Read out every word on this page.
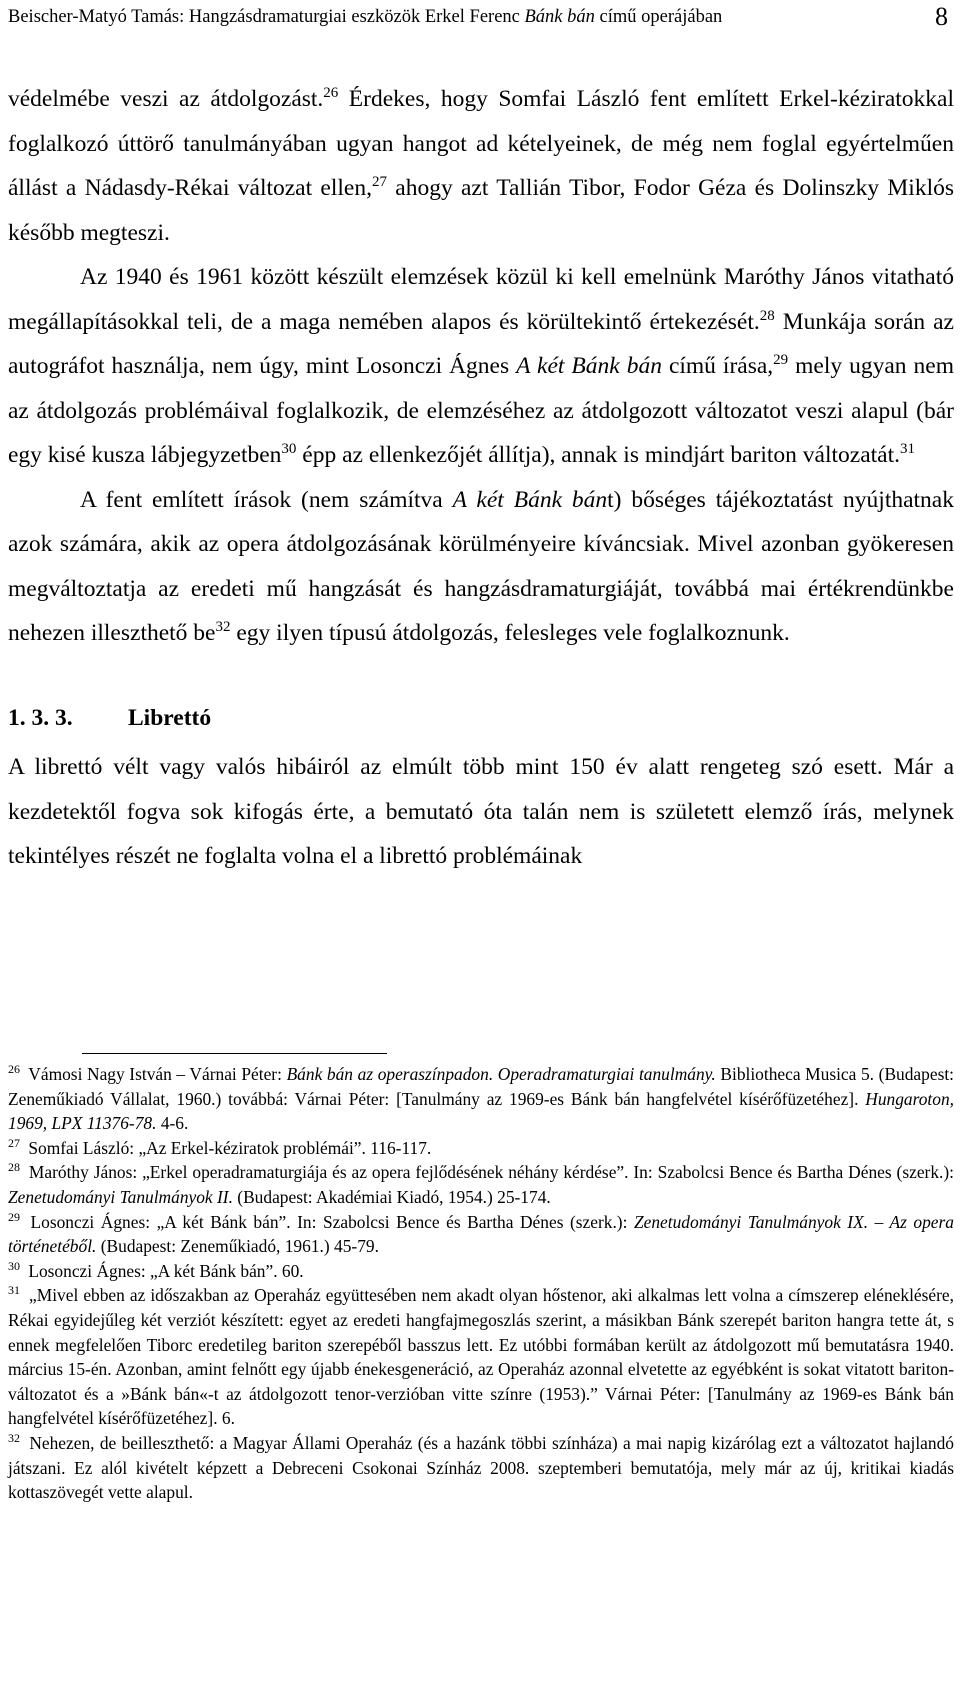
Beischer-Matyó Tamás: Hangzásdramaturgiai eszközök Erkel Ferenc Bánk bán című operájában	8

védelmébe veszi az átdolgozást.$^{26}$ Érdekes, hogy Somfai László fent említett Erkel-kéziratokkal foglalkozó úttörő tanulmányában ugyan hangot ad kételyeinek, de még nem foglal egyértelműen állást a Nádasdy-Rékai változat ellen,$^{27}$ ahogy azt Tallián Tibor, Fodor Géza és Dolinszky Miklós később megteszi.

Az 1940 és 1961 között készült elemzések közül ki kell emelnünk Maróthy János vitatható megállapításokkal teli, de a maga nemében alapos és körültekintő értekezését.$^{28}$ Munkája során az autográfot használja, nem úgy, mint Losonczi Ágnes A két Bánk bán című írása,$^{29}$ mely ugyan nem az átdolgozás problémáival foglalkozik, de elemzéséhez az átdolgozott változatot veszi alapul (bár egy kisé kusza lábjegyzetben$^{30}$ épp az ellenkezőjét állítja), annak is mindjárt bariton változatát.$^{31}$

A fent említett írások (nem számítva A két Bánk bánt) bőséges tájékoztatást nyújthatnak azok számára, akik az opera átdolgozásának körülményeire kíváncsiak. Mivel azonban gyökeresen megváltoztatja az eredeti mű hangzását és hangzásdramaturgiáját, továbbá mai értékrendünkbe nehezen illeszthető $be^{32}$ egy ilyen típusú átdolgozás, felesleges vele foglalkoznunk.

1. 3. 3. Librettó

A librettó vélt vagy valós hibáiról az elmúlt több mint 150 év alatt rengeteg szó esett. Már a kezdetektől fogva sok kifogás érte, a bemutató óta talán nem is született elemző írás, melynek tekintélyes részét ne foglalta volna el a librettó problémáinak

$^{26}$ Vámosi Nagy István – Várnai Péter: Bánk bán az operaszínpadon. Operadramaturgiai tanulmány. Bibliotheca Musica 5. (Budapest: Zeneműkiadó Vállalat, 1960.) továbbá: Várnai Péter: [Tanulmány az 1969-es Bánk bán hangfelvétel kísérőfüzetéhez]. Hungaroton, 1969, LPX 11376-78. 4-6.

$^{27}$ Somfai László: „Az Erkel-kéziratok problémái”. 116-117.

$^{28}$ Maróthy János: „Erkel operadramaturgiája és az opera fejlődésének néhány kérdése”. In: Szabolcsi Bence és Bartha Dénes (szerk.): Zenetudományi Tanulmányok II. (Budapest: Akadémiai Kiadó, 1954.) 25-174.

$^{29}$ Losonczi Ágnes: „A két Bánk bán”. In: Szabolcsi Bence és Bartha Dénes (szerk.): Zenetudományi Tanulmányok IX. – Az opera történetéből. (Budapest: Zeneműkiadó, 1961.) 45-79.

$^{30}$ Losonczi Ágnes: „A két Bánk bán”. 60.

$^{31}$ „Mivel ebben az időszakban az Operaház együttesében nem akadt olyan hőstenor, aki alkalmas lett volna a címszerep eléneklésére, Rékai egyidejűleg két verziót készített: egyet az eredeti hangfajmegoszlás szerint, a másikban Bánk szerepét bariton hangra tette át, s ennek megfelelően Tiborc eredetileg bariton szerepéből basszus lett. Ez utóbbi formában került az átdolgozott mű bemutatásra 1940. március 15-én. Azonban, amint felnőtt egy újabb énekesgeneráció, az Operaház azonnal elvetette az egyébként is sokat vitatott bariton-változatot és a »Bánk bán«-t az átdolgozott tenor-verzióban vitte színre (1953).” Várnai Péter: [Tanulmány az 1969-es Bánk bán hangfelvétel kísérőfüzetéhez]. 6.

$^{32}$ Nehezen, de beilleszthető: a Magyar Állami Operaház (és a hazánk többi színháza) a mai napig kizárólag ezt a változatot hajlandó játszani. Ez alól kivételt képzett a Debreceni Csokonai Színház 2008. szeptemberi bemutatója, mely már az új, kritikai kiadás kottaszövegét vette alapul.
